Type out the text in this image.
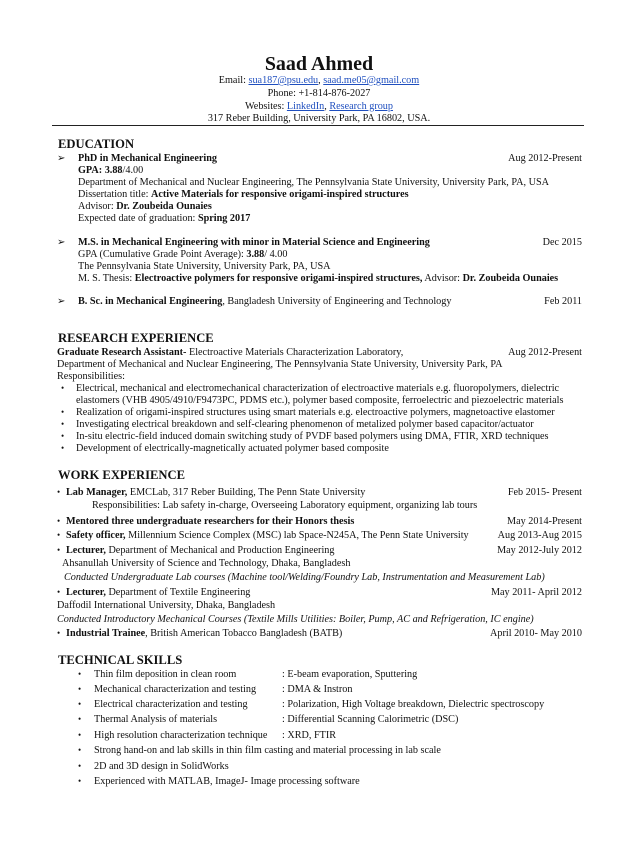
Saad Ahmed
Email: sua187@psu.edu, saad.me05@gmail.com
Phone: +1-814-876-2027
Websites: LinkedIn, Research group
317 Reber Building, University Park, PA 16802, USA.
EDUCATION
➢ PhD in Mechanical Engineering	Aug 2012-Present
GPA: 3.88/4.00
Department of Mechanical and Nuclear Engineering, The Pennsylvania State University, University Park, PA, USA
Dissertation title: Active Materials for responsive origami-inspired structures
Advisor: Dr. Zoubeida Ounaies
Expected date of graduation: Spring 2017
➢ M.S. in Mechanical Engineering with minor in Material Science and Engineering	Dec 2015
GPA (Cumulative Grade Point Average): 3.88/ 4.00
The Pennsylvania State University, University Park, PA, USA
M. S. Thesis: Electroactive polymers for responsive origami-inspired structures, Advisor: Dr. Zoubeida Ounaies
➢ B. Sc. in Mechanical Engineering, Bangladesh University of Engineering and Technology	Feb 2011
RESEARCH EXPERIENCE
Graduate Research Assistant- Electroactive Materials Characterization Laboratory,	Aug 2012-Present
Department of Mechanical and Nuclear Engineering, The Pennsylvania State University, University Park, PA
Responsibilities:
• Electrical, mechanical and electromechanical characterization of electroactive materials e.g. fluoropolymers, dielectric
elastomers (VHB 4905/4910/F9473PC, PDMS etc.), polymer based composite, ferroelectric and piezoelectric materials
• Realization of origami-inspired structures using smart materials e.g. electroactive polymers, magnetoactive elastomer
• Investigating electrical breakdown and self-clearing phenomenon of metalized polymer based capacitor/actuator
• In-situ electric-field induced domain switching study of PVDF based polymers using DMA, FTIR, XRD techniques
• Development of electrically-magnetically actuated polymer based composite
WORK EXPERIENCE
• Lab Manager, EMCLab, 317 Reber Building, The Penn State University	Feb 2015- Present
Responsibilities: Lab safety in-charge, Overseeing Laboratory equipment, organizing lab tours
• Mentored three undergraduate researchers for their Honors thesis	May 2014-Present
• Safety officer, Millennium Science Complex (MSC) lab Space-N245A, The Penn State University	Aug 2013-Aug 2015
• Lecturer, Department of Mechanical and Production Engineering	May 2012-July 2012
Ahsanullah University of Science and Technology, Dhaka, Bangladesh
Conducted Undergraduate Lab courses (Machine tool/Welding/Foundry Lab, Instrumentation and Measurement Lab)
• Lecturer, Department of Textile Engineering	May 2011- April 2012
Daffodil International University, Dhaka, Bangladesh
Conducted Introductory Mechanical Courses (Textile Mills Utilities: Boiler, Pump, AC and Refrigeration, IC engine)
• Industrial Trainee, British American Tobacco Bangladesh (BATB)	April 2010- May 2010
TECHNICAL SKILLS
• Thin film deposition in clean room	: E-beam evaporation, Sputtering
• Mechanical characterization and testing	: DMA & Instron
• Electrical characterization and testing	: Polarization, High Voltage breakdown, Dielectric spectroscopy
• Thermal Analysis of materials	: Differential Scanning Calorimetric (DSC)
• High resolution characterization technique : XRD, FTIR
• Strong hand-on and lab skills in thin film casting and material processing in lab scale
• 2D and 3D design in SolidWorks
• Experienced with MATLAB, ImageJ- Image processing software
